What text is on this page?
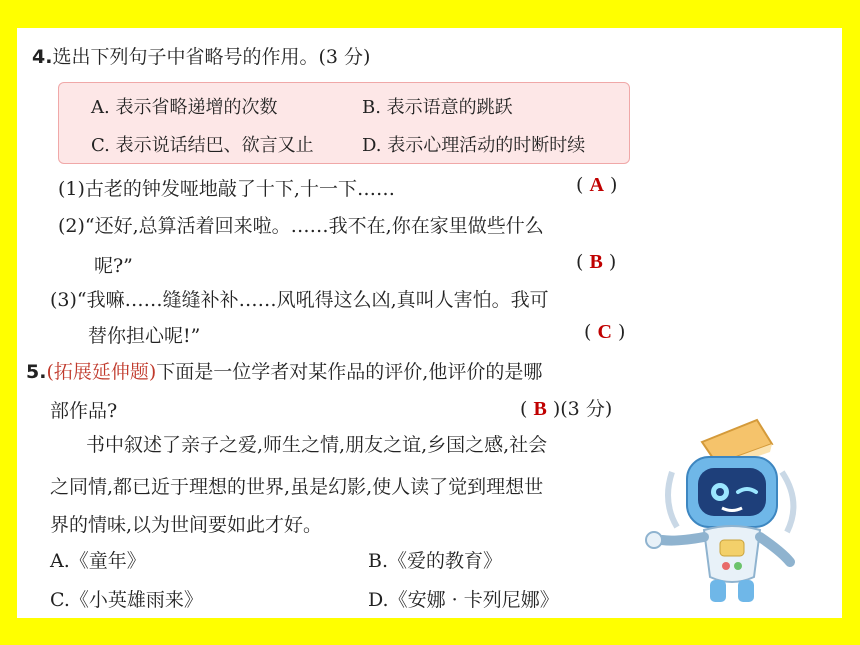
4.选出下列句子中省略号的作用。(3 分)
A. 表示省略递增的次数	B. 表示语意的跳跃
C. 表示说话结巴、欲言又止	D. 表示心理活动的时断时续
(1)古老的钟发哑地敲了十下,十一下……	( A )
(2)“还好,总算活着回来啦。……我不在,你在家里做些什么
呢?”	( B )
(3)“我嘛……缝缝补补……风吼得这么凶,真叫人害怕。我可
替你担心呢!”	( C )
5.(拓展延伸题)下面是一位学者对某作品的评价,他评价的是哪
部作品?	( B )(3 分)
书中叙述了亲子之爱,师生之情,朋友之谊,乡国之感,社会
之同情,都已近于理想的世界,虽是幻影,使人读了觉到理想世
界的情味,以为世间要如此才好。
A.《童年》	B.《爱的教育》
C.《小英雄雨来》	D.《安娜 · 卡列尼娜》
